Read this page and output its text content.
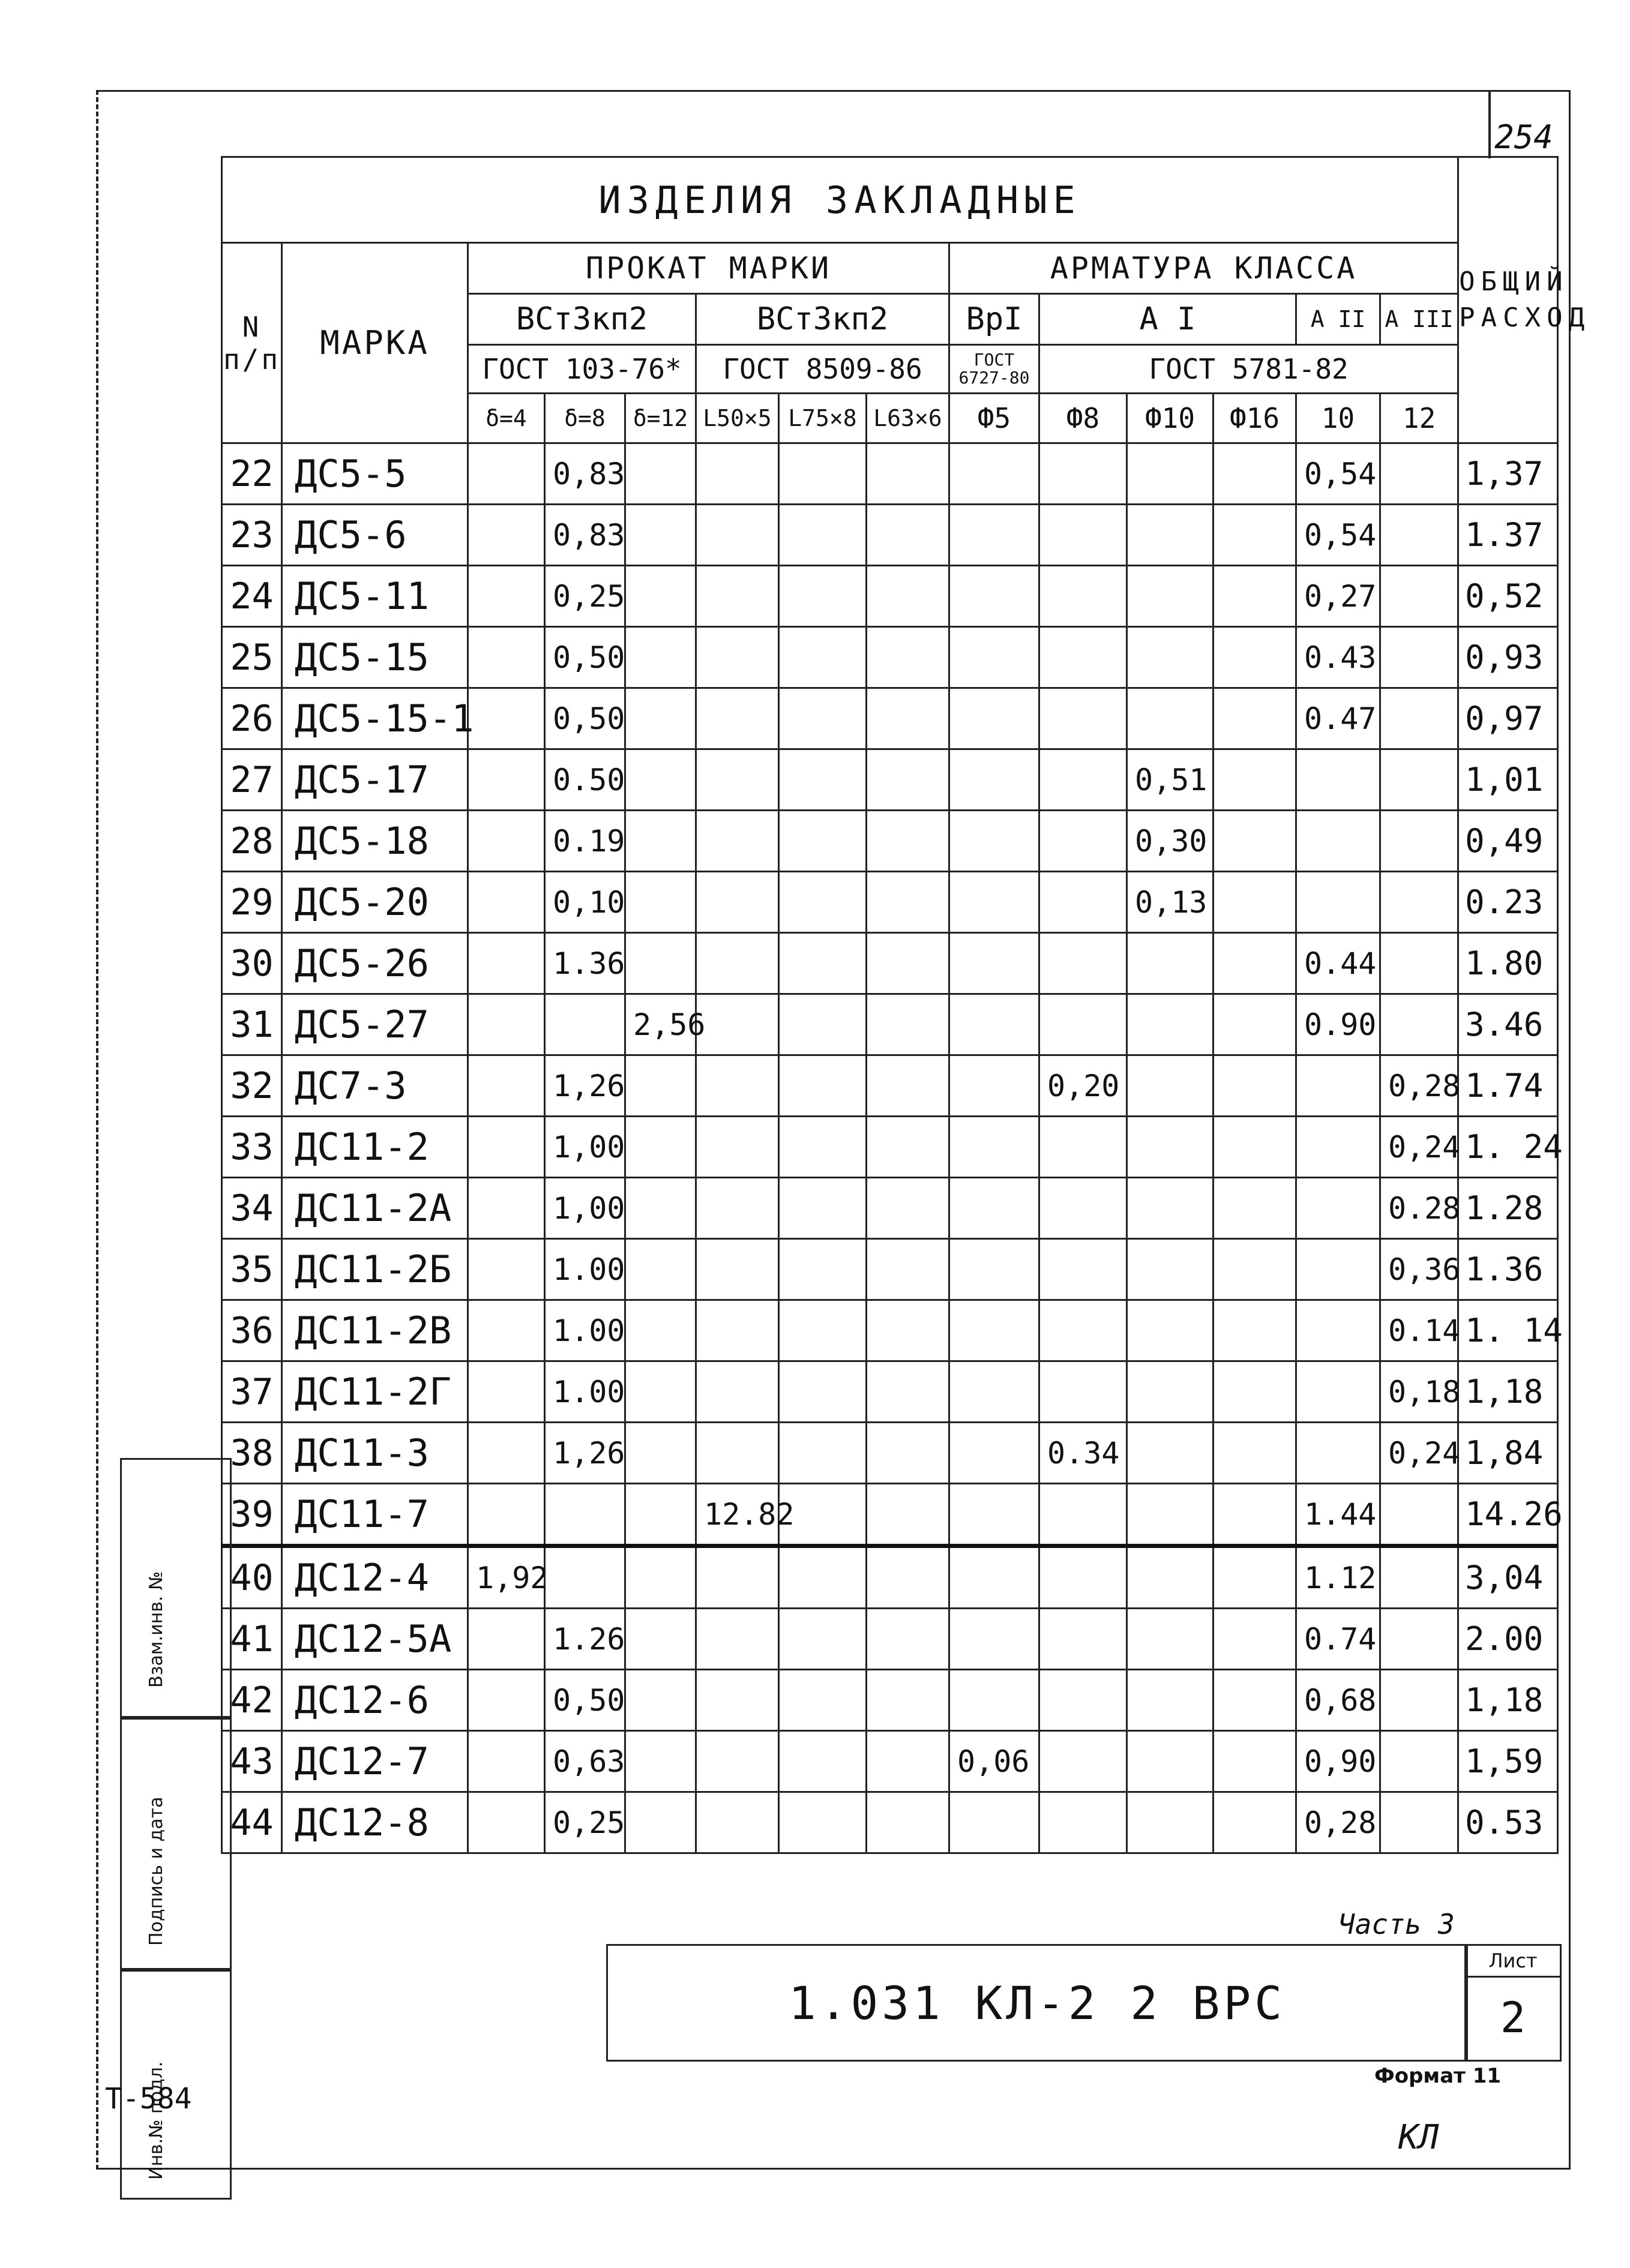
254
ИЗДЕЛИЯ ЗАКЛАДНЫЕ														ОБЩИЙ РАСХОД
N п/п	МАРКА	ПРОКАТ МАРКИ						АРМАТУРА КЛАССА						
		ВСт3кп2			ВСт3кп2			ВрI	A I			A II	A III	
		ГОСТ 103-76*			ГОСТ 8509-86			ГОСТ 6727-80	ГОСТ 5781-82					
		δ=4	δ=8	δ=12	L50×5	L75×8	L63×6	Ф5	Ф8	Ф10	Ф16	10	12	
22	ДС5-5		0,83									0,54		1,37
23	ДС5-6		0,83									0,54		1.37
24	ДС5-11		0,25									0,27		0,52
25	ДС5-15		0,50									0.43		0,93
26	ДС5-15-1		0,50									0.47		0,97
27	ДС5-17		0.50							0,51				1,01
28	ДС5-18		0.19							0,30				0,49
29	ДС5-20		0,10							0,13				0.23
30	ДС5-26		1.36									0.44		1.80
31	ДС5-27			2,56								0.90		3.46
32	ДС7-3		1,26						0,20				0,28	1.74
33	ДС11-2		1,00										0,24	1. 24
34	ДС11-2А		1,00										0.28	1.28
35	ДС11-2Б		1.00										0,36	1.36
36	ДС11-2В		1.00										0.14	1. 14
37	ДС11-2Г		1.00										0,18	1,18
38	ДС11-3		1,26						0.34				0,24	1,84
39	ДС11-7				12.82							1.44		14.26
40	ДС12-4	1,92										1.12		3,04
41	ДС12-5А		1.26									0.74		2.00
42	ДС12-6		0,50									0,68		1,18
43	ДС12-7		0,63					0,06				0,90		1,59
44	ДС12-8		0,25									0,28		0.53
Взам.инв. №
Подпись и дата
Инв.№ подл.
Часть 3
1.031 КЛ-2 2 ВРС
Лист
2
Т-584
Формат 11
КЛ
